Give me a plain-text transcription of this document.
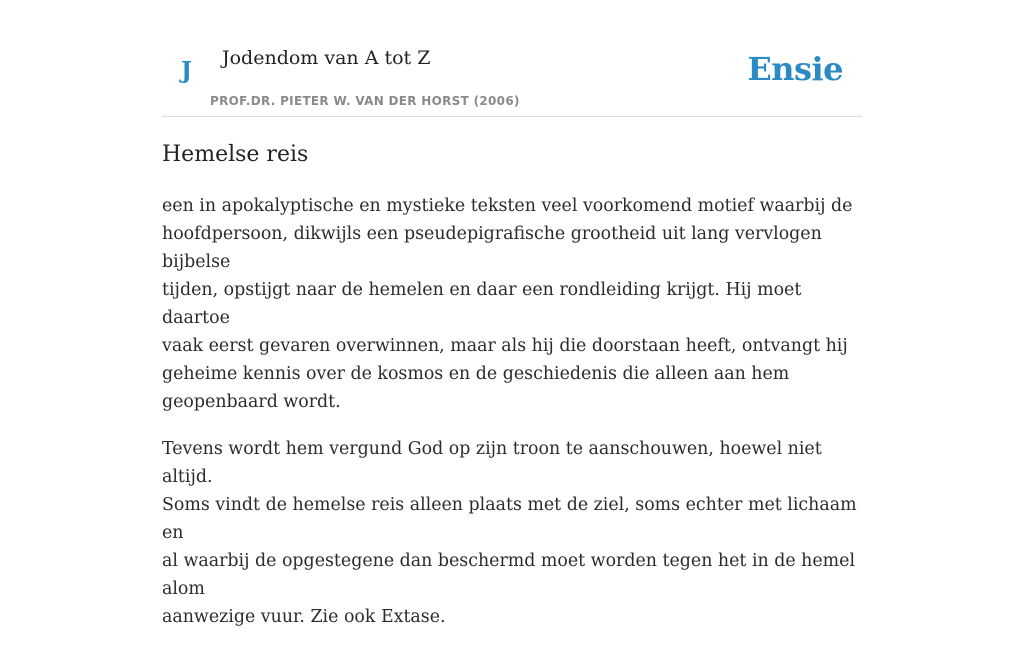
J Jodendom van A tot Z
PROF.DR. PIETER W. VAN DER HORST (2006)
Ensie
Hemelse reis

een in apokalyptische en mystieke teksten veel voorkomend motief waarbij de
hoofdpersoon, dikwijls een pseudepigrafische grootheid uit lang vervlogen bijbelse
tijden, opstijgt naar de hemelen en daar een rondleiding krijgt. Hij moet daartoe
vaak eerst gevaren overwinnen, maar als hij die doorstaan heeft, ontvangt hij
geheime kennis over de kosmos en de geschiedenis die alleen aan hem
geopenbaard wordt.

Tevens wordt hem vergund God op zijn troon te aanschouwen, hoewel niet altijd.
Soms vindt de hemelse reis alleen plaats met de ziel, soms echter met lichaam en
al waarbij de opgestegene dan beschermd moet worden tegen het in de hemel alom
aanwezige vuur. Zie ook Extase.
